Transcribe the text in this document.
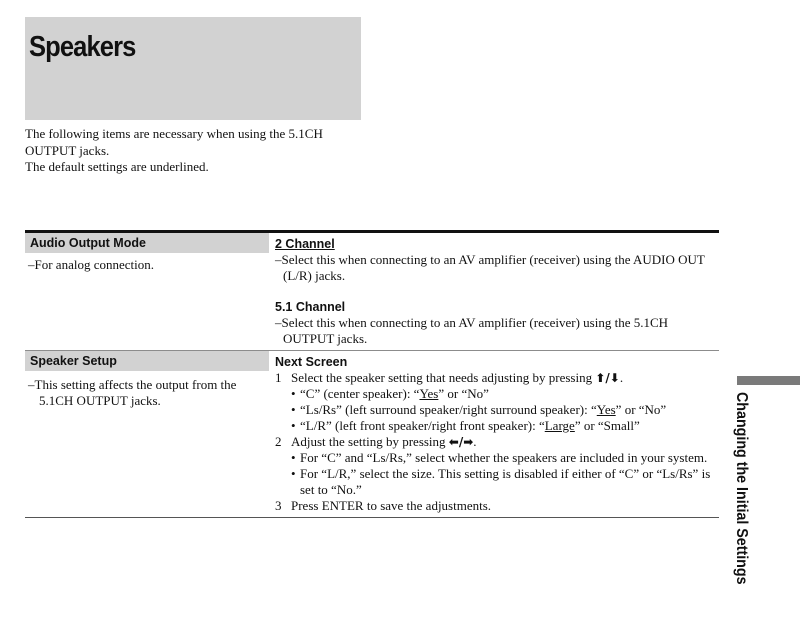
Speakers

The following items are necessary when using the 5.1CH OUTPUT jacks.

The default settings are underlined.

Audio Output Mode
–For analog connection.
2 Channel
–Select this when connecting to an AV amplifier (receiver) using the AUDIO OUT (L/R) jacks.
5.1 Channel
–Select this when connecting to an AV amplifier (receiver) using the 5.1CH OUTPUT jacks.
Speaker Setup
–This setting affects the output from the 5.1CH OUTPUT jacks.
Next Screen
1 Select the speaker setting that needs adjusting by pressing ⬆/⬇.
• “C” (center speaker): “Yes” or “No”
• “Ls/Rs” (left surround speaker/right surround speaker): “Yes” or “No”
• “L/R” (left front speaker/right front speaker): “Large” or “Small”
2 Adjust the setting by pressing ⬅/➡.
• For “C” and “Ls/Rs,” select whether the speakers are included in your system.
• For “L/R,” select the size. This setting is disabled if either of “C” or “Ls/Rs” is set to “No.”
3 Press ENTER to save the adjustments.	Changing the Initial Settings
